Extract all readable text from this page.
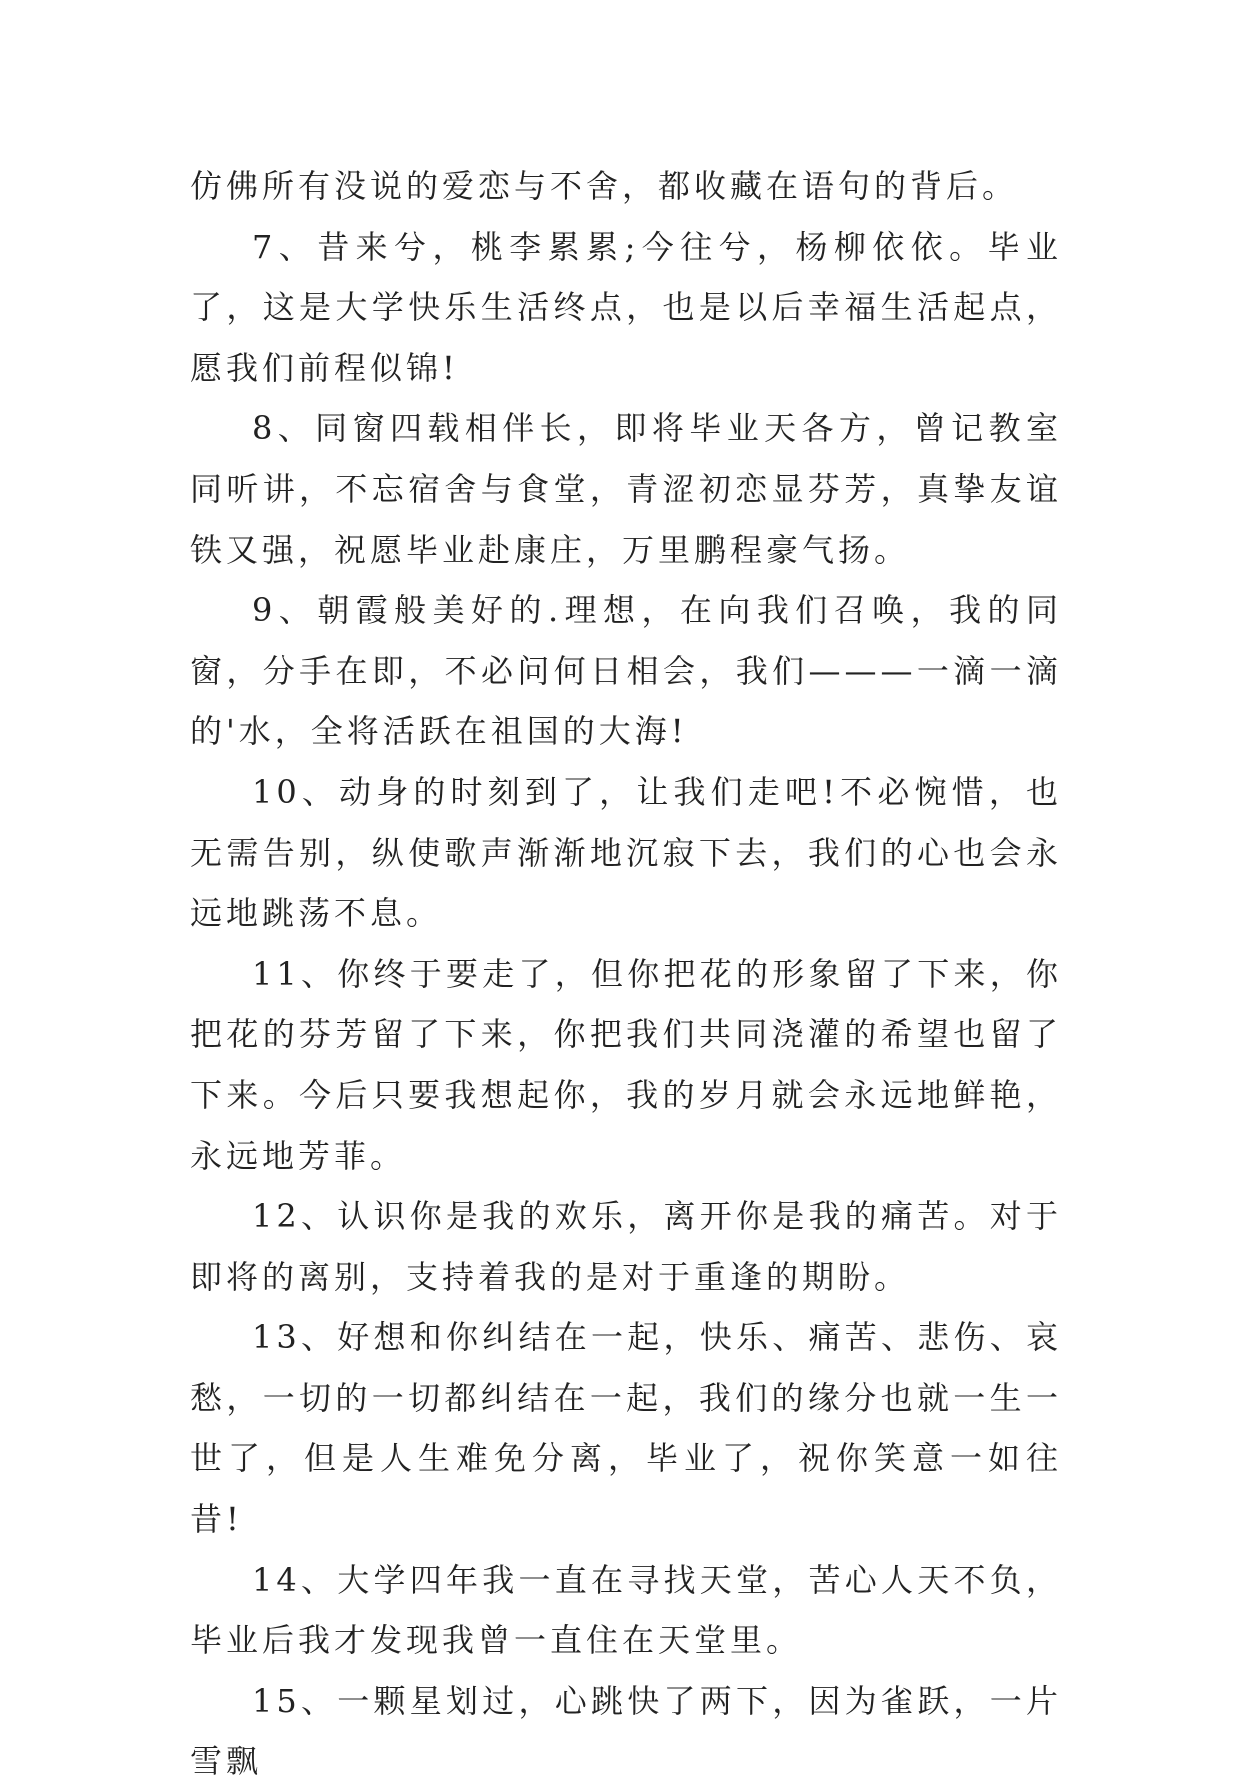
仿佛所有没说的爱恋与不舍，都收藏在语句的背后。

7、昔来兮，桃李累累;今往兮，杨柳依依。毕业了，这是大学快乐生活终点，也是以后幸福生活起点，愿我们前程似锦!

8、同窗四载相伴长，即将毕业天各方，曾记教室同听讲，不忘宿舍与食堂，青涩初恋显芬芳，真挚友谊铁又强，祝愿毕业赴康庄，万里鹏程豪气扬。

9、朝霞般美好的.理想，在向我们召唤，我的同窗，分手在即，不必问何日相会，我们———一滴一滴的'水，全将活跃在祖国的大海!

10、动身的时刻到了，让我们走吧!不必惋惜，也无需告别，纵使歌声渐渐地沉寂下去，我们的心也会永远地跳荡不息。

11、你终于要走了，但你把花的形象留了下来，你把花的芬芳留了下来，你把我们共同浇灌的希望也留了下来。今后只要我想起你，我的岁月就会永远地鲜艳，永远地芳菲。

12、认识你是我的欢乐，离开你是我的痛苦。对于即将的离别，支持着我的是对于重逢的期盼。

13、好想和你纠结在一起，快乐、痛苦、悲伤、哀愁，一切的一切都纠结在一起，我们的缘分也就一生一世了，但是人生难免分离，毕业了，祝你笑意一如往昔!

14、大学四年我一直在寻找天堂，苦心人天不负，毕业后我才发现我曾一直住在天堂里。

15、一颗星划过，心跳快了两下，因为雀跃，一片雪飘
